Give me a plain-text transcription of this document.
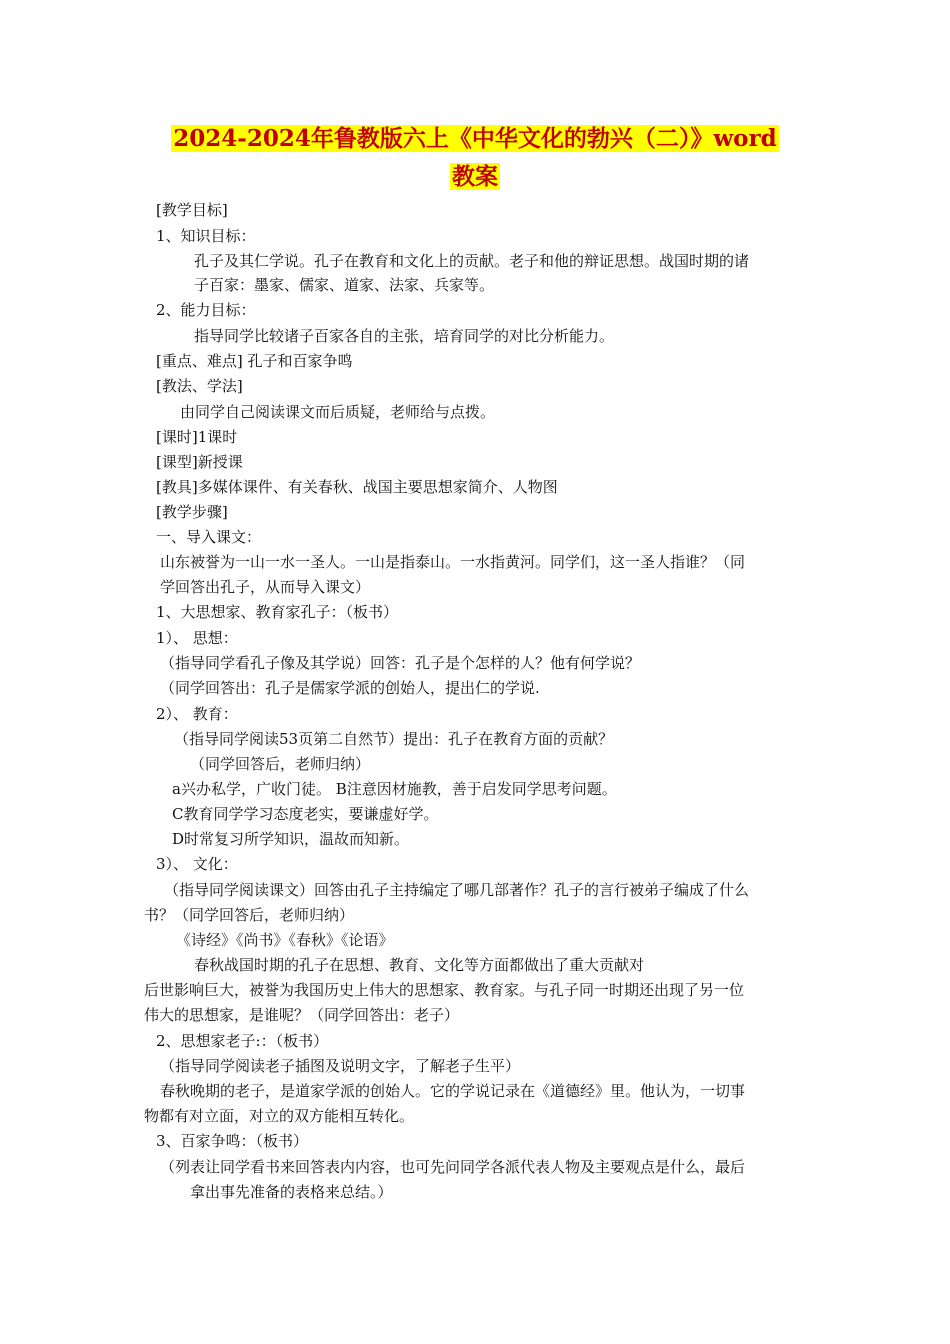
2024-2024年鲁教版六上《中华文化的勃兴（二）》word
教案
[教学目标]
1、知识目标：
孔子及其仁学说。孔子在教育和文化上的贡献。老子和他的辩证思想。战国时期的诸
子百家：墨家、儒家、道家、法家、兵家等。
2、能力目标：
指导同学比较诸子百家各自的主张，培育同学的对比分析能力。
[重点、难点] 孔子和百家争鸣
[教法、学法]
由同学自己阅读课文而后质疑，老师给与点拨。
[课时]1课时
[课型]新授课
[教具]多媒体课件、有关春秋、战国主要思想家简介、人物图
[教学步骤]
一、导入课文：
山东被誉为一山一水一圣人。一山是指泰山。一水指黄河。同学们，这一圣人指谁？（同
学回答出孔子，从而导入课文）
1、大思想家、教育家孔子：（板书）
1）、 思想：
（指导同学看孔子像及其学说）回答：孔子是个怎样的人？他有何学说？
（同学回答出：孔子是儒家学派的创始人，提出仁的学说.
2）、 教育：
（指导同学阅读53页第二自然节）提出：孔子在教育方面的贡献？
（同学回答后，老师归纳）
a兴办私学，广收门徒。 B注意因材施教，善于启发同学思考问题。
C教育同学学习态度老实，要谦虚好学。
D时常复习所学知识，温故而知新。
3）、 文化：
（指导同学阅读课文）回答由孔子主持编定了哪几部著作？孔子的言行被弟子编成了什么
书？（同学回答后，老师归纳）
《诗经》《尚书》《春秋》《论语》
春秋战国时期的孔子在思想、教育、文化等方面都做出了重大贡献对
后世影响巨大，被誉为我国历史上伟大的思想家、教育家。与孔子同一时期还出现了另一位
伟大的思想家，是谁呢？（同学回答出：老子）
2、思想家老子:：（板书）
（指导同学阅读老子插图及说明文字，了解老子生平）
春秋晚期的老子，是道家学派的创始人。它的学说记录在《道德经》里。他认为，一切事
物都有对立面，对立的双方能相互转化。
3、百家争鸣：（板书）
（列表让同学看书来回答表内内容，也可先问同学各派代表人物及主要观点是什么，最后
拿出事先准备的表格来总结。）
